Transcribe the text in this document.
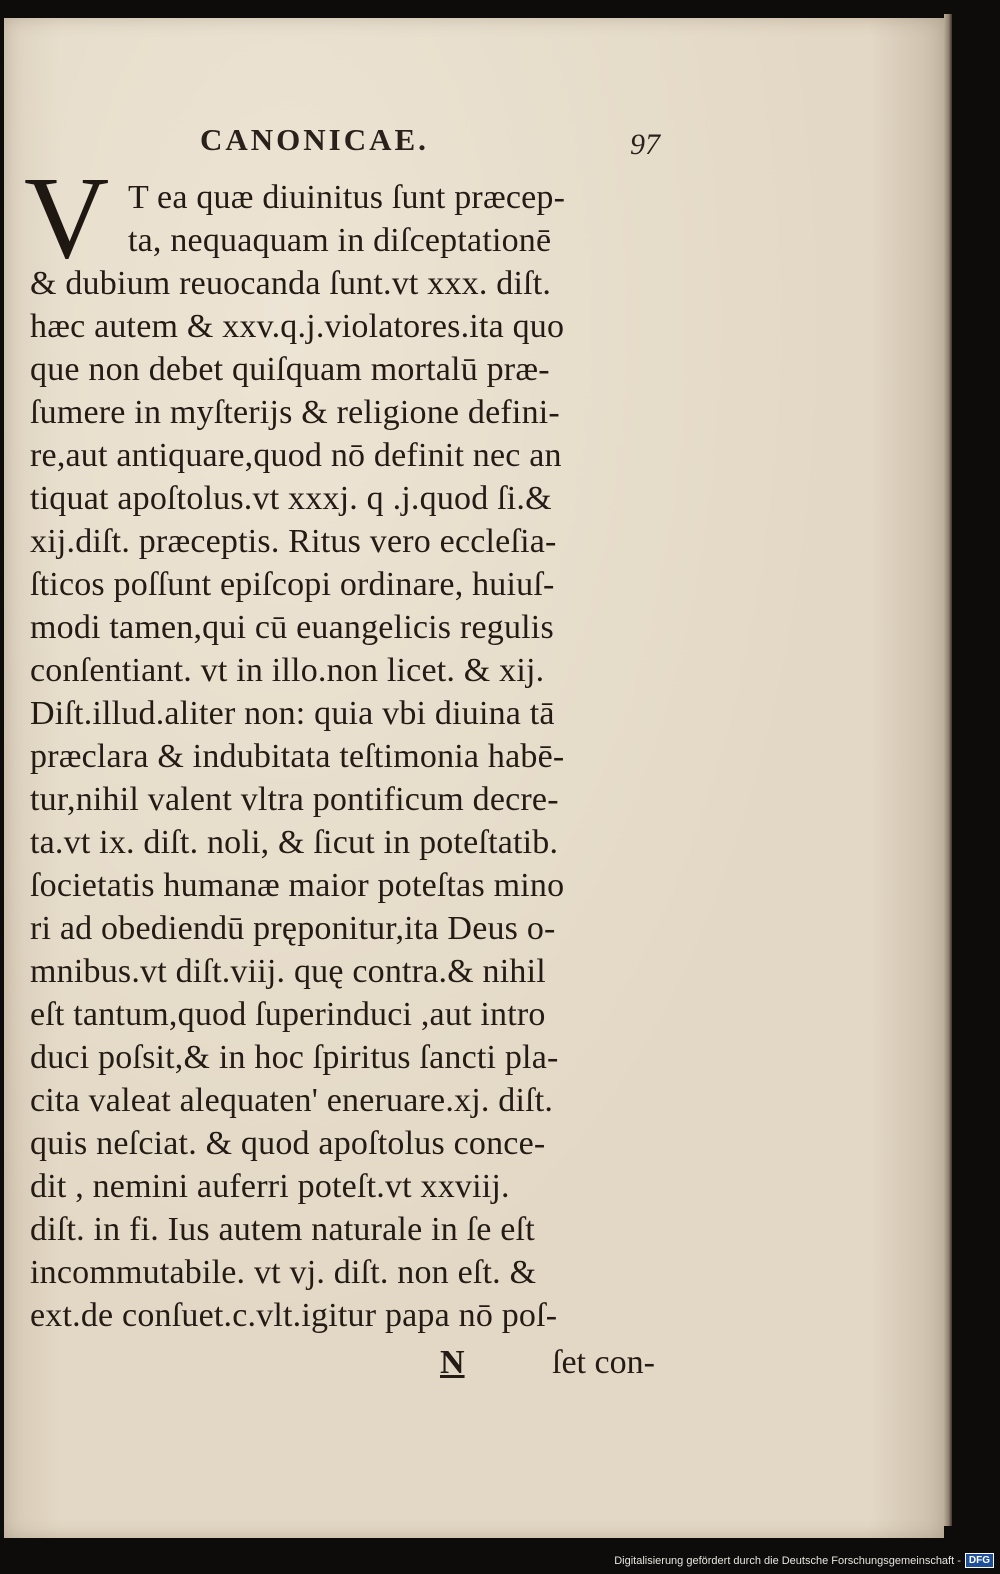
CANONICAE.	97
V T ea quæ diuinitus ſunt præcep-
ta, nequaquam in diſceptationē
& dubium reuocanda ſunt.vt xxx. diſt.
hæc autem & xxv.q.j.violatores.ita quo
que non debet quiſquam mortalū præ-
ſumere in myſterijs & religione defini-
re,aut antiquare,quod nō definit nec an
tiquat apoſtolus.vt xxxj. q .j.quod ſi.&
xij.diſt. præceptis. Ritus vero eccleſia-
ſticos poſſunt epiſcopi ordinare, huiuſ-
modi tamen,qui cū euangelicis regulis
conſentiant. vt in illo.non licet. & xij.
Diſt.illud.aliter non: quia vbi diuina tā
præclara & indubitata teſtimonia habē-
tur,nihil valent vltra pontificum decre-
ta.vt ix. diſt. noli, & ſicut in poteſtatib.
ſocietatis humanæ maior poteſtas mino
ri ad obediendū pręponitur,ita Deus o-
mnibus.vt diſt.viij. quę contra.& nihil
eſt tantum,quod ſuperinduci ,aut intro
duci poſsit,& in hoc ſpiritus ſancti pla-
cita valeat alequaten' eneruare.xj. diſt.
quis neſciat. & quod apoſtolus conce-
dit , nemini auferri poteſt.vt xxviij.
diſt. in fi. Ius autem naturale in ſe eſt
incommutabile. vt vj. diſt. non eſt. &
ext.de conſuet.c.vlt.igitur papa nō poſ-
N	ſet con-
Digitalisierung gefördert durch die Deutsche Forschungsgemeinschaft - DFG
